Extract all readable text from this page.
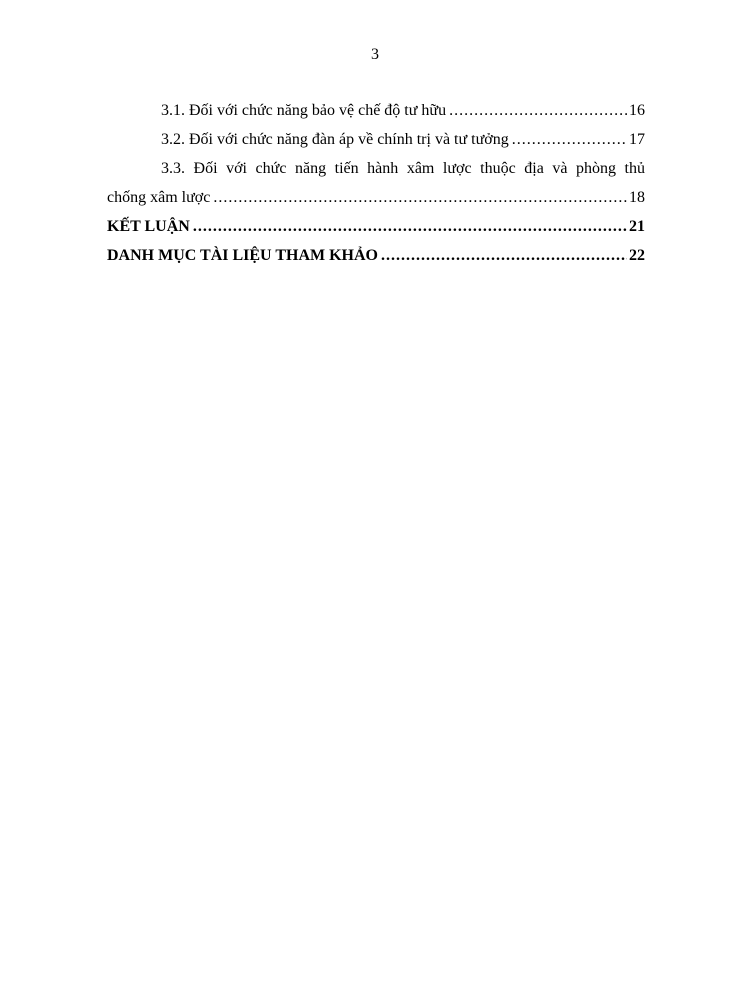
3
3.1. Đối với chức năng bảo vệ chế độ tư hữu .....	16
3.2. Đối với chức năng đàn áp về chính trị và tư tưởng .....	17
3.3. Đối với chức năng tiến hành xâm lược thuộc địa và phòng thủ
chống xâm lược .....	18
KẾT LUẬN .....	21
DANH MỤC TÀI LIỆU THAM KHẢO .....	22
